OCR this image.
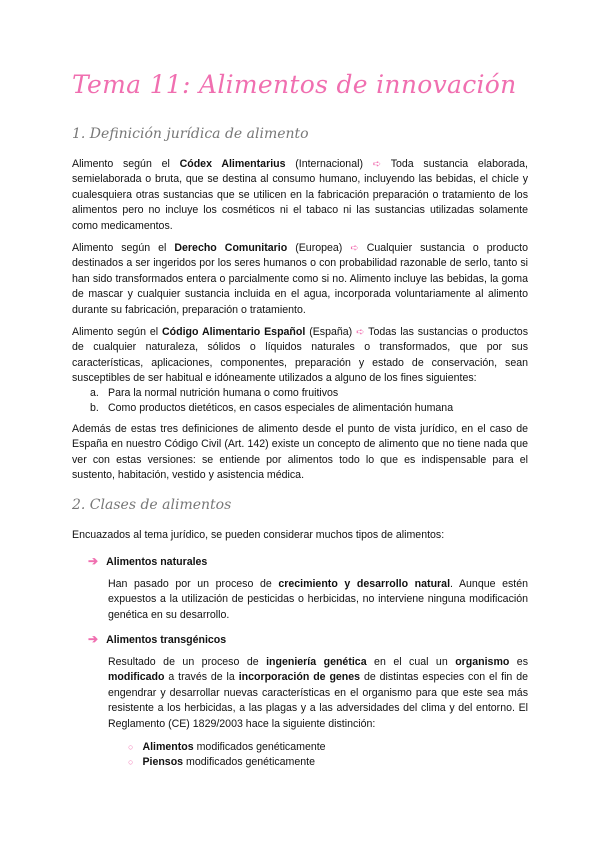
Tema 11: Alimentos de innovación
1. Definición jurídica de alimento

Alimento según el Códex Alimentarius (Internacional) ➪ Toda sustancia elaborada, semielaborada o bruta, que se destina al consumo humano, incluyendo las bebidas, el chicle y cualesquiera otras sustancias que se utilicen en la fabricación preparación o tratamiento de los alimentos pero no incluye los cosméticos ni el tabaco ni las sustancias utilizadas solamente como medicamentos.

Alimento según el Derecho Comunitario (Europea) ➪ Cualquier sustancia o producto destinados a ser ingeridos por los seres humanos o con probabilidad razonable de serlo, tanto si han sido transformados entera o parcialmente como si no. Alimento incluye las bebidas, la goma de mascar y cualquier sustancia incluida en el agua, incorporada voluntariamente al alimento durante su fabricación, preparación o tratamiento.

Alimento según el Código Alimentario Español (España) ➪ Todas las sustancias o productos de cualquier naturaleza, sólidos o líquidos naturales o transformados, que por sus características, aplicaciones, componentes, preparación y estado de conservación, sean susceptibles de ser habitual e idóneamente utilizados a alguno de los fines siguientes:

a. Para la normal nutrición humana o como fruitivos
b. Como productos dietéticos, en casos especiales de alimentación humana

Además de estas tres definiciones de alimento desde el punto de vista jurídico, en el caso de España en nuestro Código Civil (Art. 142) existe un concepto de alimento que no tiene nada que ver con estas versiones: se entiende por alimentos todo lo que es indispensable para el sustento, habitación, vestido y asistencia médica.

2. Clases de alimentos

Encuazados al tema jurídico, se pueden considerar muchos tipos de alimentos:

➔ Alimentos naturales

Han pasado por un proceso de crecimiento y desarrollo natural. Aunque estén expuestos a la utilización de pesticidas o herbicidas, no interviene ninguna modificación genética en su desarrollo.

➔ Alimentos transgénicos

Resultado de un proceso de ingeniería genética en el cual un organismo es modificado a través de la incorporación de genes de distintas especies con el fin de engendrar y desarrollar nuevas características en el organismo para que este sea más resistente a los herbicidas, a las plagas y a las adversidades del clima y del entorno. El Reglamento (CE) 1829/2003 hace la siguiente distinción:

○ Alimentos modificados genéticamente
○ Piensos modificados genéticamente
